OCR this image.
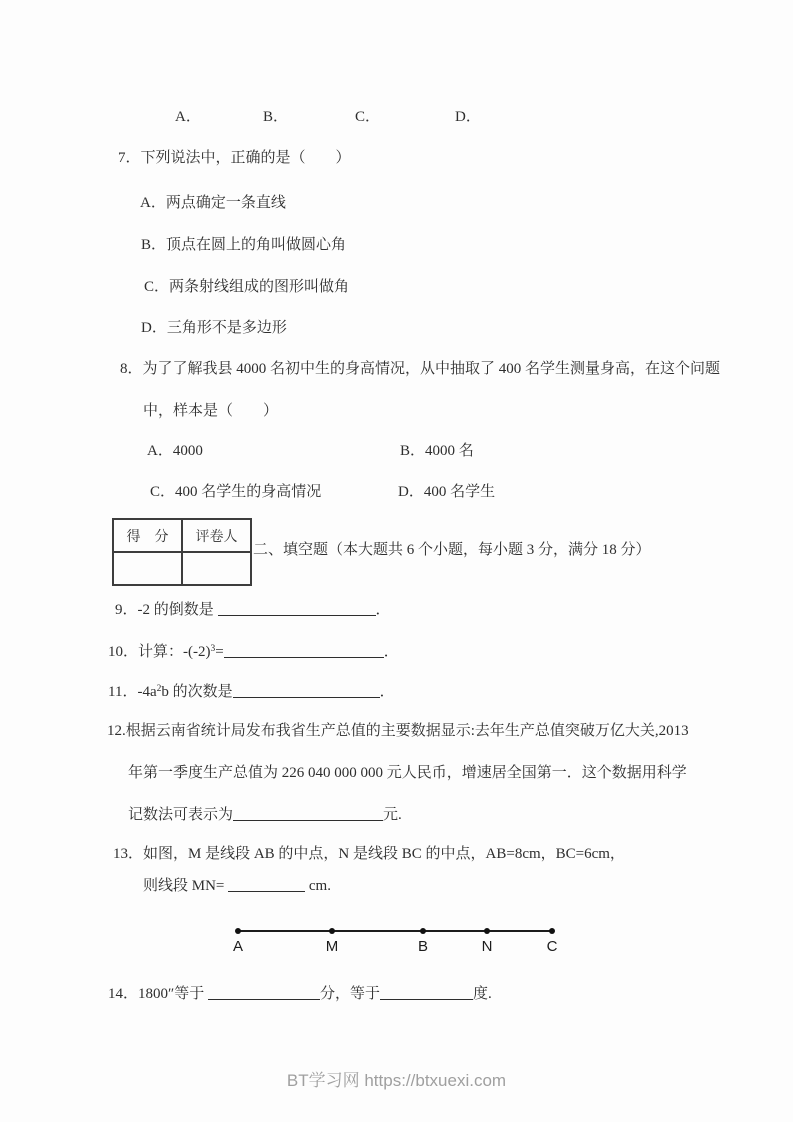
A．	B．	C．	D．
7．下列说法中，正确的是（　　）
A．两点确定一条直线
B．顶点在圆上的角叫做圆心角
C．两条射线组成的图形叫做角
D．三角形不是多边形
8．为了了解我县 4000 名初中生的身高情况，从中抽取了 400 名学生测量身高，在这个问题
中，样本是（　　）
A．4000	B．4000 名
C．400 名学生的身高情况	D．400 名学生
得　分	评卷人
二、填空题（本大题共 6 个小题，每小题 3 分，满分 18 分）
9．-2 的倒数是	．
10．计算：$-(-2)^3=$	．
11．$-4a^2b$ 的次数是	．
12.根据云南省统计局发布我省生产总值的主要数据显示:去年生产总值突破万亿大关,2013
年第一季度生产总值为 226 040 000 000 元人民币，增速居全国第一．这个数据用科学
记数法可表示为	元.
13．如图，M 是线段 AB 的中点，N 是线段 BC 的中点，AB=8cm，BC=6cm，
则线段 MN=	cm.
A	M	B	N	C
14．1800″等于	分，等于	度.
BT学习网 https://btxuexi.com
